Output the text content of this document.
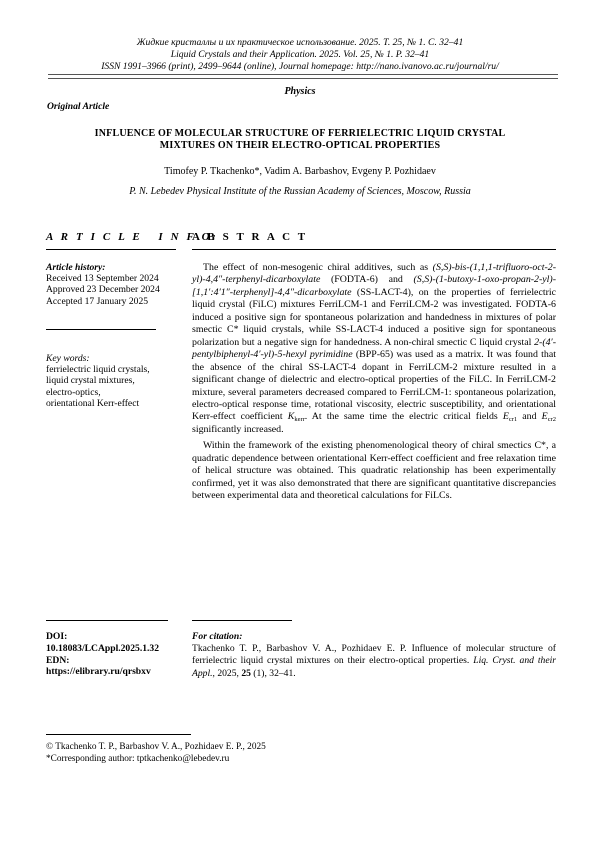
Жидкие кристаллы и их практическое использование. 2025. Т. 25, № 1. С. 32–41
Liquid Crystals and their Application. 2025. Vol. 25, № 1. P. 32–41
ISSN 1991–3966 (print), 2499–9644 (online), Journal homepage: http://nano.ivanovo.ac.ru/journal/ru/
Physics
Original Article
INFLUENCE OF MOLECULAR STRUCTURE OF FERRIELECTRIC LIQUID CRYSTAL
MIXTURES ON THEIR ELECTRO-OPTICAL PROPERTIES
Timofey P. Tkachenko*, Vadim A. Barbashov, Evgeny P. Pozhidaev
P. N. Lebedev Physical Institute of the Russian Academy of Sciences, Moscow, Russia
A R T I C L E   I N F O:
A B S T R A C T
Article history:
Received 13 September 2024
Approved 23 December 2024
Accepted 17 January 2025
Key words:
ferrielectric liquid crystals,
liquid crystal mixtures,
electro-optics,
orientational Kerr-effect

The effect of non-mesogenic chiral additives, such as (S,S)-bis-(1,1,1-trifluoro-oct-2-yl)-4,4″-terphenyl-dicarboxylate (FODTA-6) and (S,S)-(1-butoxy-1-oxo-propan-2-yl)-[1,1′:4′1″-terphenyl]-4,4″-dicarboxylate (SS-LACT-4), on the properties of ferrielectric liquid crystal (FiLC) mixtures FerriLCM-1 and FerriLCM-2 was investigated. FODTA-6 induced a positive sign for spontaneous polarization and handedness in mixtures of polar smectic C* liquid crystals, while SS-LACT-4 induced a positive sign for spontaneous polarization but a negative sign for handedness. A non-chiral smectic C liquid crystal 2-(4′-pentylbiphenyl-4′-yl)-5-hexyl pyrimidine (BPP-65) was used as a matrix. It was found that the absence of the chiral SS-LACT-4 dopant in FerriLCM-2 mixture resulted in a significant change of dielectric and electro-optical properties of the FiLC. In FerriLCM-2 mixture, several parameters decreased compared to FerriLCM-1: spontaneous polarization, electro-optical response time, rotational viscosity, electric susceptibility, and orientational Kerr-effect coefficient Kkerr. At the same time the electric critical fields Ecr1 and Ecr2 significantly increased.

Within the framework of the existing phenomenological theory of chiral smectics C*, a quadratic dependence between orientational Kerr-effect coefficient and free relaxation time of helical structure was obtained. This quadratic relationship has been experimentally confirmed, yet it was also demonstrated that there are significant quantitative discrepancies between experimental data and theoretical calculations for FiLCs.

DOI:
10.18083/LCAppl.2025.1.32
EDN:
https://elibrary.ru/qrsbxv
For citation:
Tkachenko T. P., Barbashov V. A., Pozhidaev E. P. Influence of molecular structure of ferrielectric liquid crystal mixtures on their electro-optical properties. Liq. Cryst. and their Appl., 2025, 25 (1), 32–41.
© Tkachenko T. P., Barbashov V. A., Pozhidaev E. P., 2025
*Corresponding author: tptkachenko@lebedev.ru
